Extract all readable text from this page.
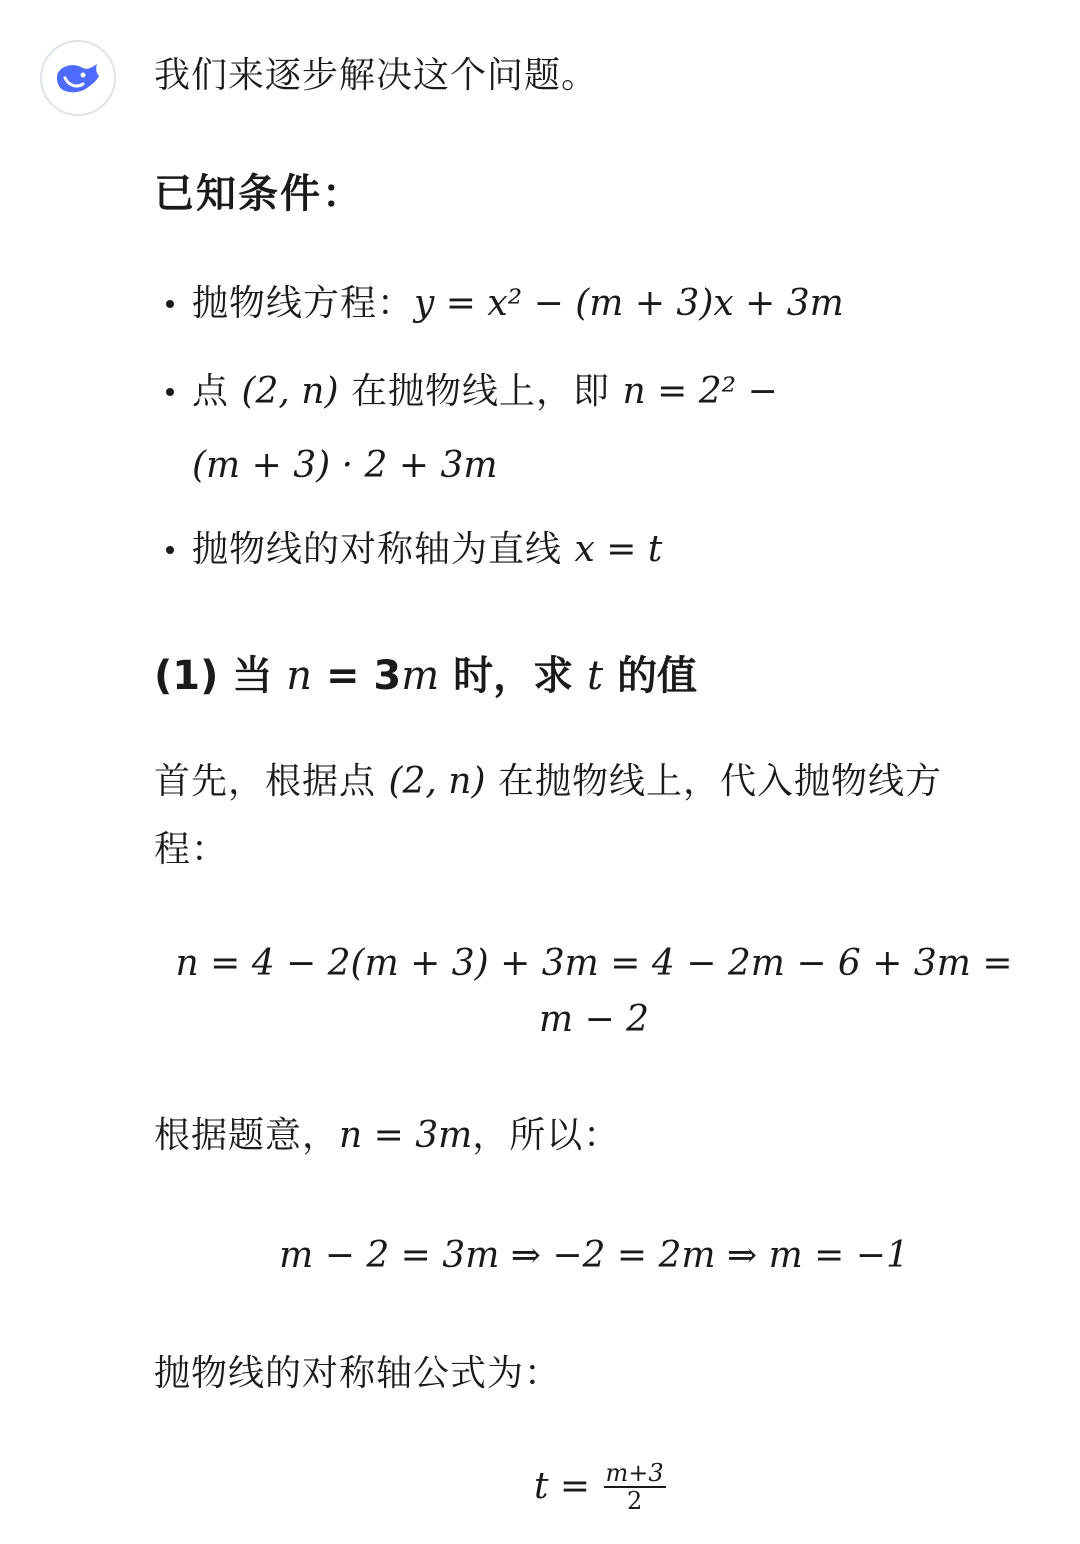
我们来逐步解决这个问题。
已知条件：
抛物线方程：y = x² − (m + 3)x + 3m
点 (2, n) 在抛物线上，即 n = 2² −
(m + 3) · 2 + 3m
抛物线的对称轴为直线 x = t
(1) 当 n = 3m 时，求 t 的值
首先，根据点 (2, n) 在抛物线上，代入抛物线方
程：
n = 4 − 2(m + 3) + 3m = 4 − 2m − 6 + 3m =
m − 2
根据题意，n = 3m，所以：
m − 2 = 3m ⇒ −2 = 2m ⇒ m = −1
抛物线的对称轴公式为：
$t = \frac{m+3}{2}$
